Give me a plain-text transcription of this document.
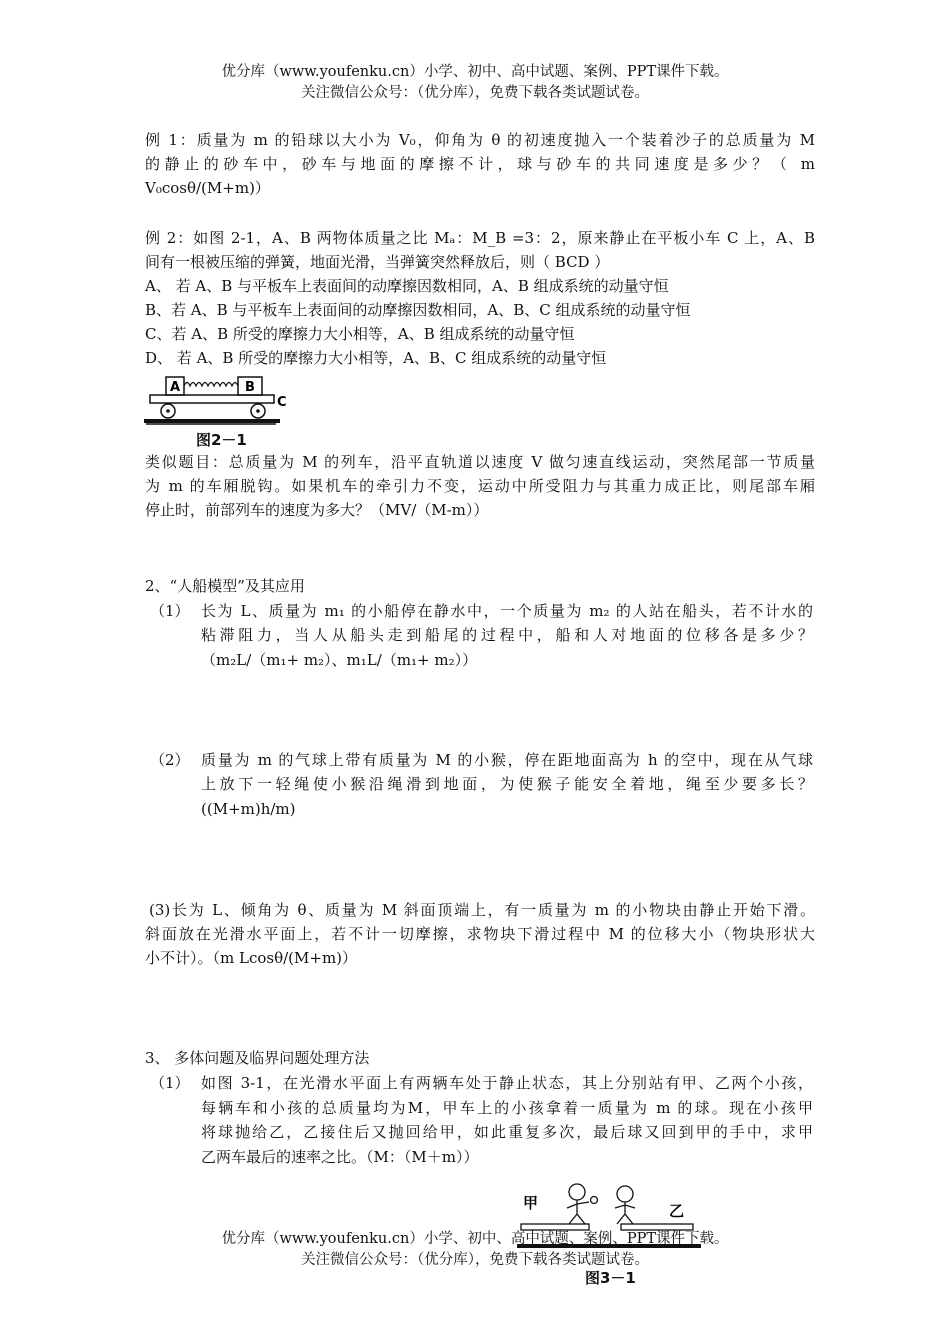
优分库（www.youfenku.cn）小学、初中、高中试题、案例、PPT课件下载。
关注微信公众号：（优分库），免费下载各类试题试卷。
例 1：质量为 m 的铅球以大小为 V₀，仰角为 θ 的初速度抛入一个装着沙子的总质量为 M
的静止的砂车中，砂车与地面的摩擦不计，球与砂车的共同速度是多少？（ m
V₀cosθ/(M+m)）
例 2：如图 2-1，A、B 两物体质量之比 Mₐ：M_B =3：2，原来静止在平板小车 C 上，A、B
间有一根被压缩的弹簧，地面光滑，当弹簧突然释放后，则（ BCD ）
A、 若 A、B 与平板车上表面间的动摩擦因数相同，A、B 组成系统的动量守恒
B、若 A、B 与平板车上表面间的动摩擦因数相同，A、B、C 组成系统的动量守恒
C、若 A、B 所受的摩擦力大小相等，A、B 组成系统的动量守恒
D、 若 A、B 所受的摩擦力大小相等，A、B、C 组成系统的动量守恒
A	B
C
图2－1
类似题目：总质量为 M 的列车，沿平直轨道以速度 V 做匀速直线运动，突然尾部一节质量
为 m 的车厢脱钩。如果机车的牵引力不变，运动中所受阻力与其重力成正比，则尾部车厢
停止时，前部列车的速度为多大？（MV/（M-m））
2、“人船模型”及其应用
（1） 长为 L、质量为 m₁ 的小船停在静水中，一个质量为 m₂ 的人站在船头，若不计水的
粘滞阻力，当人从船头走到船尾的过程中，船和人对地面的位移各是多少？
（m₂L/（m₁+ m₂）、m₁L/（m₁+ m₂））
（2） 质量为 m 的气球上带有质量为 M 的小猴，停在距地面高为 h 的空中，现在从气球
上放下一轻绳使小猴沿绳滑到地面，为使猴子能安全着地，绳至少要多长？
((M+m)h/m)
(3)长为 L、倾角为 θ、质量为 M 斜面顶端上，有一质量为 m 的小物块由静止开始下滑。
斜面放在光滑水平面上，若不计一切摩擦，求物块下滑过程中 M 的位移大小（物块形状大
小不计）。（m Lcosθ/(M+m)）
3、 多体问题及临界问题处理方法
（1） 如图 3-1，在光滑水平面上有两辆车处于静止状态，其上分别站有甲、乙两个小孩，
每辆车和小孩的总质量均为M，甲车上的小孩拿着一质量为 m 的球。现在小孩甲
将球抛给乙，乙接住后又抛回给甲，如此重复多次，最后球又回到甲的手中，求甲
乙两车最后的速率之比。（M：（M＋m））
甲	乙
优分库（www.youfenku.cn）小学、初中、高中试题、案例、PPT课件下载。
关注微信公众号：（优分库），免费下载各类试题试卷。
图3－1
